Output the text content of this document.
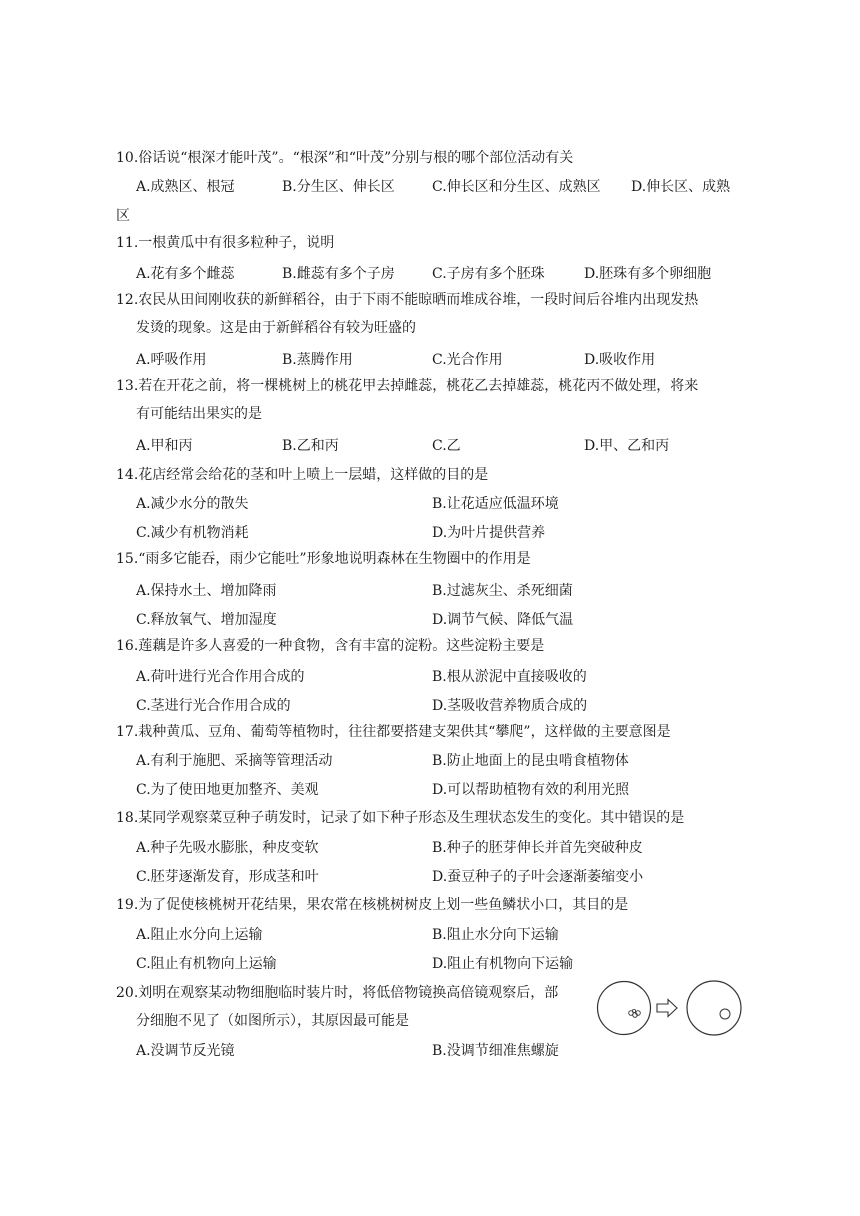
10.俗话说“根深才能叶茂”。“根深”和“叶茂”分别与根的哪个部位活动有关
A.成熟区、根冠	B.分生区、伸长区	C.伸长区和分生区、成熟区 D.伸长区、成熟
区
11.一根黄瓜中有很多粒种子，说明
A.花有多个雌蕊	B.雌蕊有多个子房	C.子房有多个胚珠	D.胚珠有多个卵细胞
12.农民从田间刚收获的新鲜稻谷，由于下雨不能晾晒而堆成谷堆，一段时间后谷堆内出现发热
发烫的现象。这是由于新鲜稻谷有较为旺盛的
A.呼吸作用	B.蒸腾作用	C.光合作用	D.吸收作用
13.若在开花之前，将一棵桃树上的桃花甲去掉雌蕊，桃花乙去掉雄蕊，桃花丙不做处理，将来
有可能结出果实的是
A.甲和丙	B.乙和丙	C.乙	D.甲、乙和丙
14.花店经常会给花的茎和叶上喷上一层蜡，这样做的目的是
A.减少水分的散失	B.让花适应低温环境
C.减少有机物消耗	D.为叶片提供营养
15.“雨多它能吞，雨少它能吐”形象地说明森林在生物圈中的作用是
A.保持水土、增加降雨	B.过滤灰尘、杀死细菌
C.释放氧气、增加湿度	D.调节气候、降低气温
16.莲藕是许多人喜爱的一种食物，含有丰富的淀粉。这些淀粉主要是
A.荷叶进行光合作用合成的	B.根从淤泥中直接吸收的
C.茎进行光合作用合成的	D.茎吸收营养物质合成的
17.栽种黄瓜、豆角、葡萄等植物时，往往都要搭建支架供其“攀爬”，这样做的主要意图是
A.有利于施肥、采摘等管理活动	B.防止地面上的昆虫啃食植物体
C.为了使田地更加整齐、美观	D.可以帮助植物有效的利用光照
18.某同学观察菜豆种子萌发时，记录了如下种子形态及生理状态发生的变化。其中错误的是
A.种子先吸水膨胀，种皮变软	B.种子的胚芽伸长并首先突破种皮
C.胚芽逐渐发育，形成茎和叶	D.蚕豆种子的子叶会逐渐萎缩变小
19.为了促使核桃树开花结果，果农常在核桃树树皮上划一些鱼鳞状小口，其目的是
A.阻止水分向上运输	B.阻止水分向下运输
C.阻止有机物向上运输	D.阻止有机物向下运输
20.刘明在观察某动物细胞临时装片时，将低倍物镜换高倍镜观察后，部
分细胞不见了（如图所示），其原因最可能是
A.没调节反光镜	B.没调节细准焦螺旋
